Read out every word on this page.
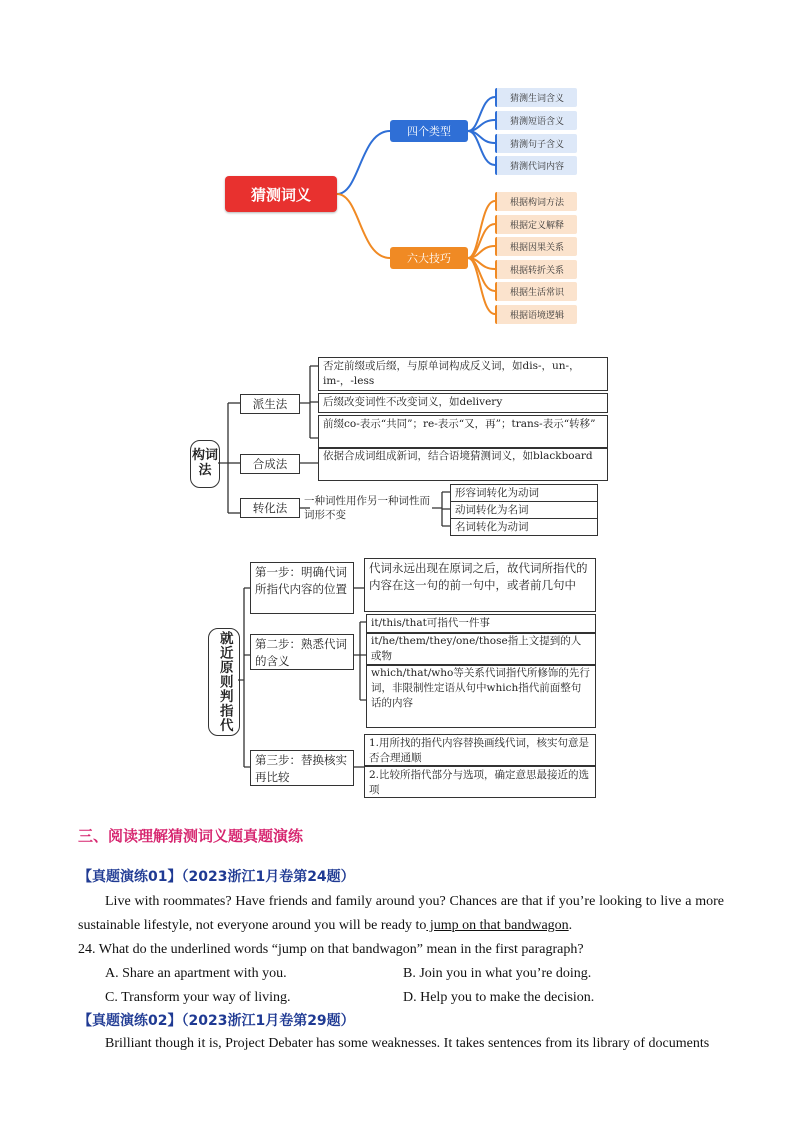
猜测词义
四个类型
六大技巧
猜测生词含义
猜测短语含义
猜测句子含义
猜测代词内容
根据构词方法
根据定义解释
根据因果关系
根据转折关系
根据生活常识
根据语境逻辑
构词法
派生法
否定前缀或后缀，与原单词构成反义词，如dis-，un-，im-，-less
后缀改变词性不改变词义，如delivery
前缀co-表示“共同”；re-表示“又，再”；trans-表示“转移”
合成法
依据合成词组成新词，结合语境猜测词义，如blackboard
转化法	一种词性用作另一种词性而词形不变
形容词转化为动词
动词转化为名词
名词转化为动词
就近原则判指代
第一步：明确代词所指代内容的位置
代词永远出现在原词之后，故代词所指代的内容在这一句的前一句中，或者前几句中
第二步：熟悉代词的含义
it/this/that可指代一件事
it/he/them/they/one/those指上文提到的人或物
which/that/who等关系代词指代所修饰的先行词，非限制性定语从句中which指代前面整句话的内容
第三步：替换核实再比较
1.用所找的指代内容替换画线代词，核实句意是否合理通顺
2.比较所指代部分与选项，确定意思最接近的选项
三、阅读理解猜测词义题真题演练
【真题演练01】（2023浙江1月卷第24题）
Live with roommates? Have friends and family around you? Chances are that if you’re looking to live a more sustainable lifestyle, not everyone around you will be ready to jump on that bandwagon.
24. What do the underlined words “jump on that bandwagon” mean in the first paragraph?
A. Share an apartment with you.	B. Join you in what you’re doing.
C. Transform your way of living.	D. Help you to make the decision.
【真题演练02】（2023浙江1月卷第29题）
Brilliant though it is, Project Debater has some weaknesses. It takes sentences from its library of documents
